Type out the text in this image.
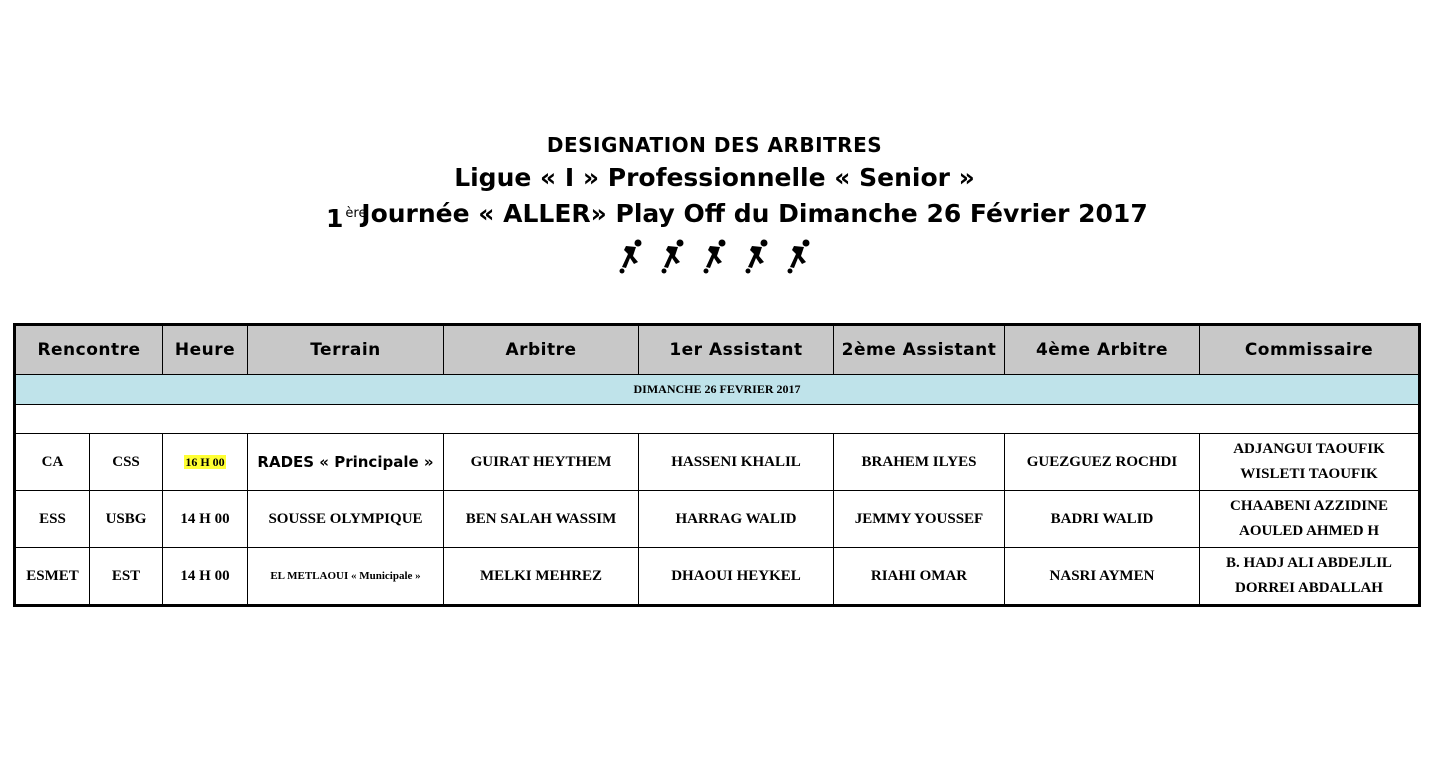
DESIGNATION DES ARBITRES
Ligue « I » Professionnelle « Senior »
1 $^{ère}$
Journée « ALLER» Play Off du Dimanche 26 Février 2017

Rencontre		Heure	Terrain	Arbitre	1er Assistant	2ème Assistant	4ème Arbitre	Commissaire
DIMANCHE 26 FEVRIER 2017								

CA	CSS	16 H 00	RADES « Principale »	GUIRAT HEYTHEM	HASSENI KHALIL	BRAHEM ILYES	GUEZGUEZ ROCHDI	ADJANGUI TAOUFIK
WISLETI TAOUFIK

ESS	USBG	14 H 00	SOUSSE OLYMPIQUE	BEN SALAH WASSIM	HARRAG WALID	JEMMY YOUSSEF	BADRI WALID	CHAABENI AZZIDINE
AOULED AHMED H

ESMET	EST	14 H 00	EL METLAOUI « Municipale »	MELKI MEHREZ	DHAOUI HEYKEL	RIAHI OMAR	NASRI AYMEN	B. HADJ ALI ABDEJLIL
DORREI ABDALLAH
